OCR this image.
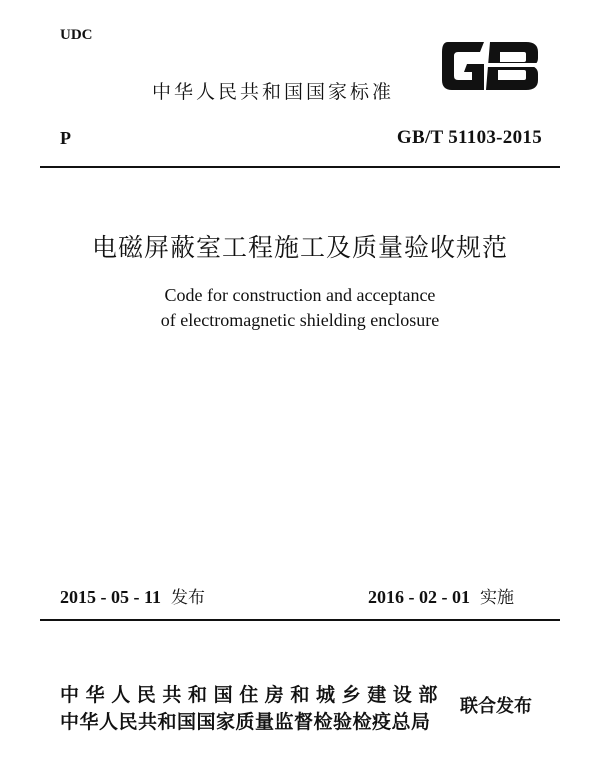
UDC
中华人民共和国国家标准
P	GB/T 51103-2015
电磁屏蔽室工程施工及质量验收规范
Code for construction and acceptance
of electromagnetic shielding enclosure
2015 - 05 - 11 发布	2016 - 02 - 01 实施
中华人民共和国住房和城乡建设部
中华人民共和国国家质量监督检验检疫总局
联合发布
